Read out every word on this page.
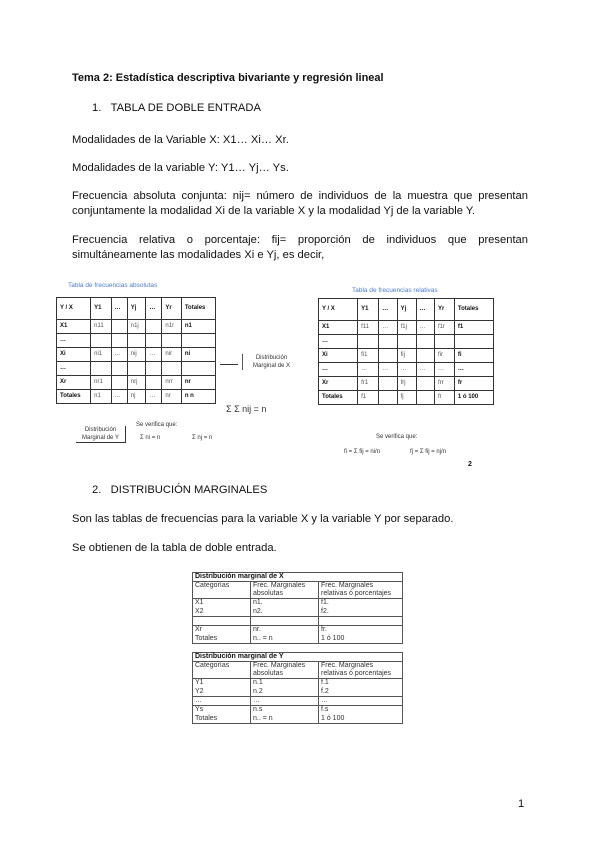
Tema 2: Estadística descriptiva bivariante y regresión lineal
1. TABLA DE DOBLE ENTRADA
Modalidades de la Variable X: X1… Xi… Xr.
Modalidades de la variable Y: Y1… Yj… Ys.
Frecuencia absoluta conjunta: nij= número de individuos de la muestra que presentan conjuntamente la modalidad Xi de la variable X y la modalidad Yj de la variable Y.
Frecuencia relativa o porcentaje: fij= proporción de individuos que presentan simultáneamente las modalidades Xi e Yj, es decir,
Tabla de frecuencias absolutas
Y / X	Y1	…	Yj	…	Yr	Totales
X1	n11		n1j		n1r	n1
…						
Xi	ni1	…	nij	…	nir	ni
…						
Xr	nr1		nrj		nrr	nr
Totales	n1	…	nj	…	nr	n n
Distribución Marginal de X
Σ Σ nij = n
Se verifica que:
Σ ni = n	Σ nj = n
Distribución Marginal de Y
Tabla de frecuencias relativas
Y / X	Y1	…	Yj	…	Yr	Totales
X1	f11	…	f1j	…	f1r	f1
…						
Xi	fi1		fij		fir	fi
…	…	…	…	…	…	…
Xr	fr1		frj		frr	fr
Totales	f1		fj		fr	1 ó 100
Se verifica que:
fi = Σ fij = ni/n	fj = Σ fij = nj/n
2
2. DISTRIBUCIÓN MARGINALES
Son las tablas de frecuencias para la variable X y la variable Y por separado.
Se obtienen de la tabla de doble entrada.
Distribución marginal de X		
Categorías	Frec. Marginales absolutas	Frec. Marginales relativas ó porcentajes
X1	n1.	f1.
X2	n2.	f2.

Xr	nr.	fr.
Totales	n.. = n	1 ó 100
Distribución marginal de Y		
Categorías	Frec. Marginales absolutas	Frec. Marginales relativas ó porcentajes
Y1	n.1	f.1
Y2	n.2	f.2
…	…	…
Ys	n.s	f.s
Totales	n.. = n	1 ó 100
1
